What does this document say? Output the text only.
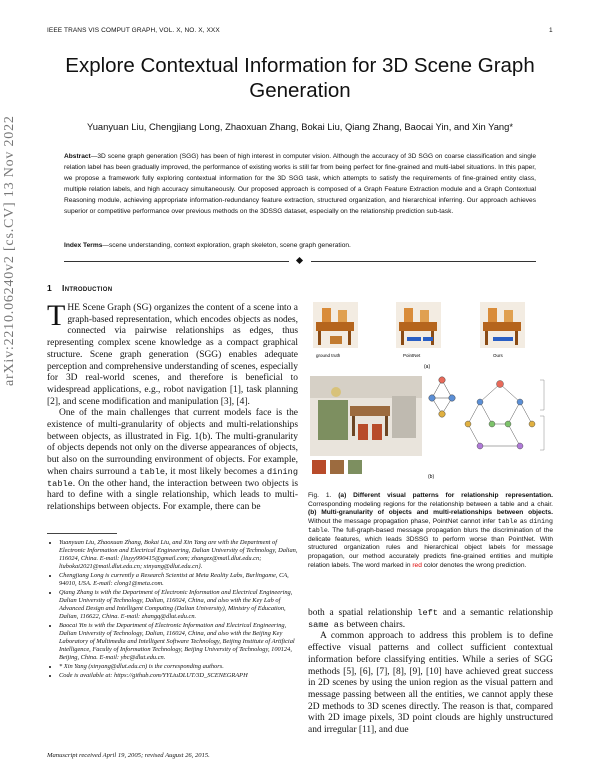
IEEE TRANS VIS COMPUT GRAPH, VOL. X, NO. X, XXX	1
Explore Contextual Information for 3D Scene Graph Generation
Yuanyuan Liu, Chengjiang Long, Zhaoxuan Zhang, Bokai Liu, Qiang Zhang, Baocai Yin, and Xin Yang*
Abstract—3D scene graph generation (SGG) has been of high interest in computer vision. Although the accuracy of 3D SGG on coarse classification and single relation label has been gradually improved, the performance of existing works is still far from being perfect for fine-grained and multi-label situations. In this paper, we propose a framework fully exploring contextual information for the 3D SGG task, which attempts to satisfy the requirements of fine-grained entity class, multiple relation labels, and high accuracy simultaneously. Our proposed approach is composed of a Graph Feature Extraction module and a Graph Contextual Reasoning module, achieving appropriate information-redundancy feature extraction, structured organization, and hierarchical inferring. Our approach achieves superior or competitive performance over previous methods on the 3DSSG dataset, especially on the relationship prediction sub-task.
Index Terms—scene understanding, context exploration, graph skeleton, scene graph generation.
arXiv:2210.06240v2 [cs.CV] 13 Nov 2022	1 Introduction

THE Scene Graph (SG) organizes the content of a scene into a graph-based representation, which encodes objects as nodes, connected via pairwise relationships as edges, thus representing complex scene knowledge as a compact graphical structure. Scene graph generation (SGG) enables adequate perception and comprehensive understanding of scenes, especially for 3D real-world scenes, and therefore is beneficial to widespread applications, e.g., robot navigation [1], task planning [2], and scene modification and manipulation [3], [4].

One of the main challenges that current models face is the existence of multi-granularity of objects and multi-relationships between objects, as illustrated in Fig. 1(b). The multi-granularity of objects depends not only on the diverse appearances of objects, but also on the surrounding environment of objects. For example, when chairs surround a table, it most likely becomes a dining table. On the other hand, the interaction between two objects is hard to define with a single relationship, which leads to multi-relationships between objects. For example, there can be

• Yuanyuan Liu, Zhaoxuan Zhang, Bokai Liu, and Xin Yang are with the Department of Electronic Information and Electrical Engineering, Dalian University of Technology, Dalian, 116024, China. E-mail: {liuyy990415@gmail.com; zhangzx@mail.dlut.edu.cn; liubokai2021@mail.dlut.edu.cn; xinyang@dlut.edu.cn}.
• Chengjiang Long is currently a Research Scientist at Meta Reality Labs, Burlingame, CA, 94010, USA. E-mail: clong1@meta.com.
• Qiang Zhang is with the Department of Electronic Information and Electrical Engineering, Dalian University of Technology, Dalian, 116024, China, and also with the Key Lab of Advanced Design and Intelligent Computing (Dalian University), Ministry of Education, Dalian, 116622, China. E-mail: zhangq@dlut.edu.cn.
• Baocai Yin is with the Department of Electronic Information and Electrical Engineering, Dalian University of Technology, Dalian, 116024, China, and also with the Beijing Key Laboratory of Multimedia and Intelligent Software Technology, Beijing Institute of Artificial Intelligence, Faculty of Information Technology, Beijing University of Technology, 100124, Beijing, China. E-mail: ybc@dlut.edu.cn.
• * Xin Yang (xinyang@dlut.edu.cn) is the corresponding authors.
• Code is available at: https://github.com/YYLiuDLUT/3D_SCENEGRAPH
Manuscript received April 19, 2005; revised August 26, 2015.
ground truth	PointNet	Ours
(a)
(b)
Fig. 1. (a) Different visual patterns for relationship representation. Corresponding modeling regions for the relationship between a table and a chair. (b) Multi-granularity of objects and multi-relationships between objects. Without the message propagation phase, PointNet cannot infer table as dining table. The full-graph-based message propagation blurs the discrimination of the delicate features, which leads 3DSSG to perform worse than PointNet. With structured organization rules and hierarchical object labels for message propagation, our method accurately predicts fine-grained entities and multiple relation labels. The word marked in red color denotes the wrong prediction.

both a spatial relationship left and a semantic relationship same as between chairs.

A common approach to address this problem is to define effective visual patterns and collect sufficient contextual information before classifying entities. While a series of SGG methods [5], [6], [7], [8], [9], [10] have achieved great success in 2D scenes by using the union region as the visual pattern and message passing between all the entities, we cannot apply these 2D methods to 3D scenes directly. The reason is that, compared with 2D image pixels, 3D point clouds are highly unstructured and irregular [11], and due
